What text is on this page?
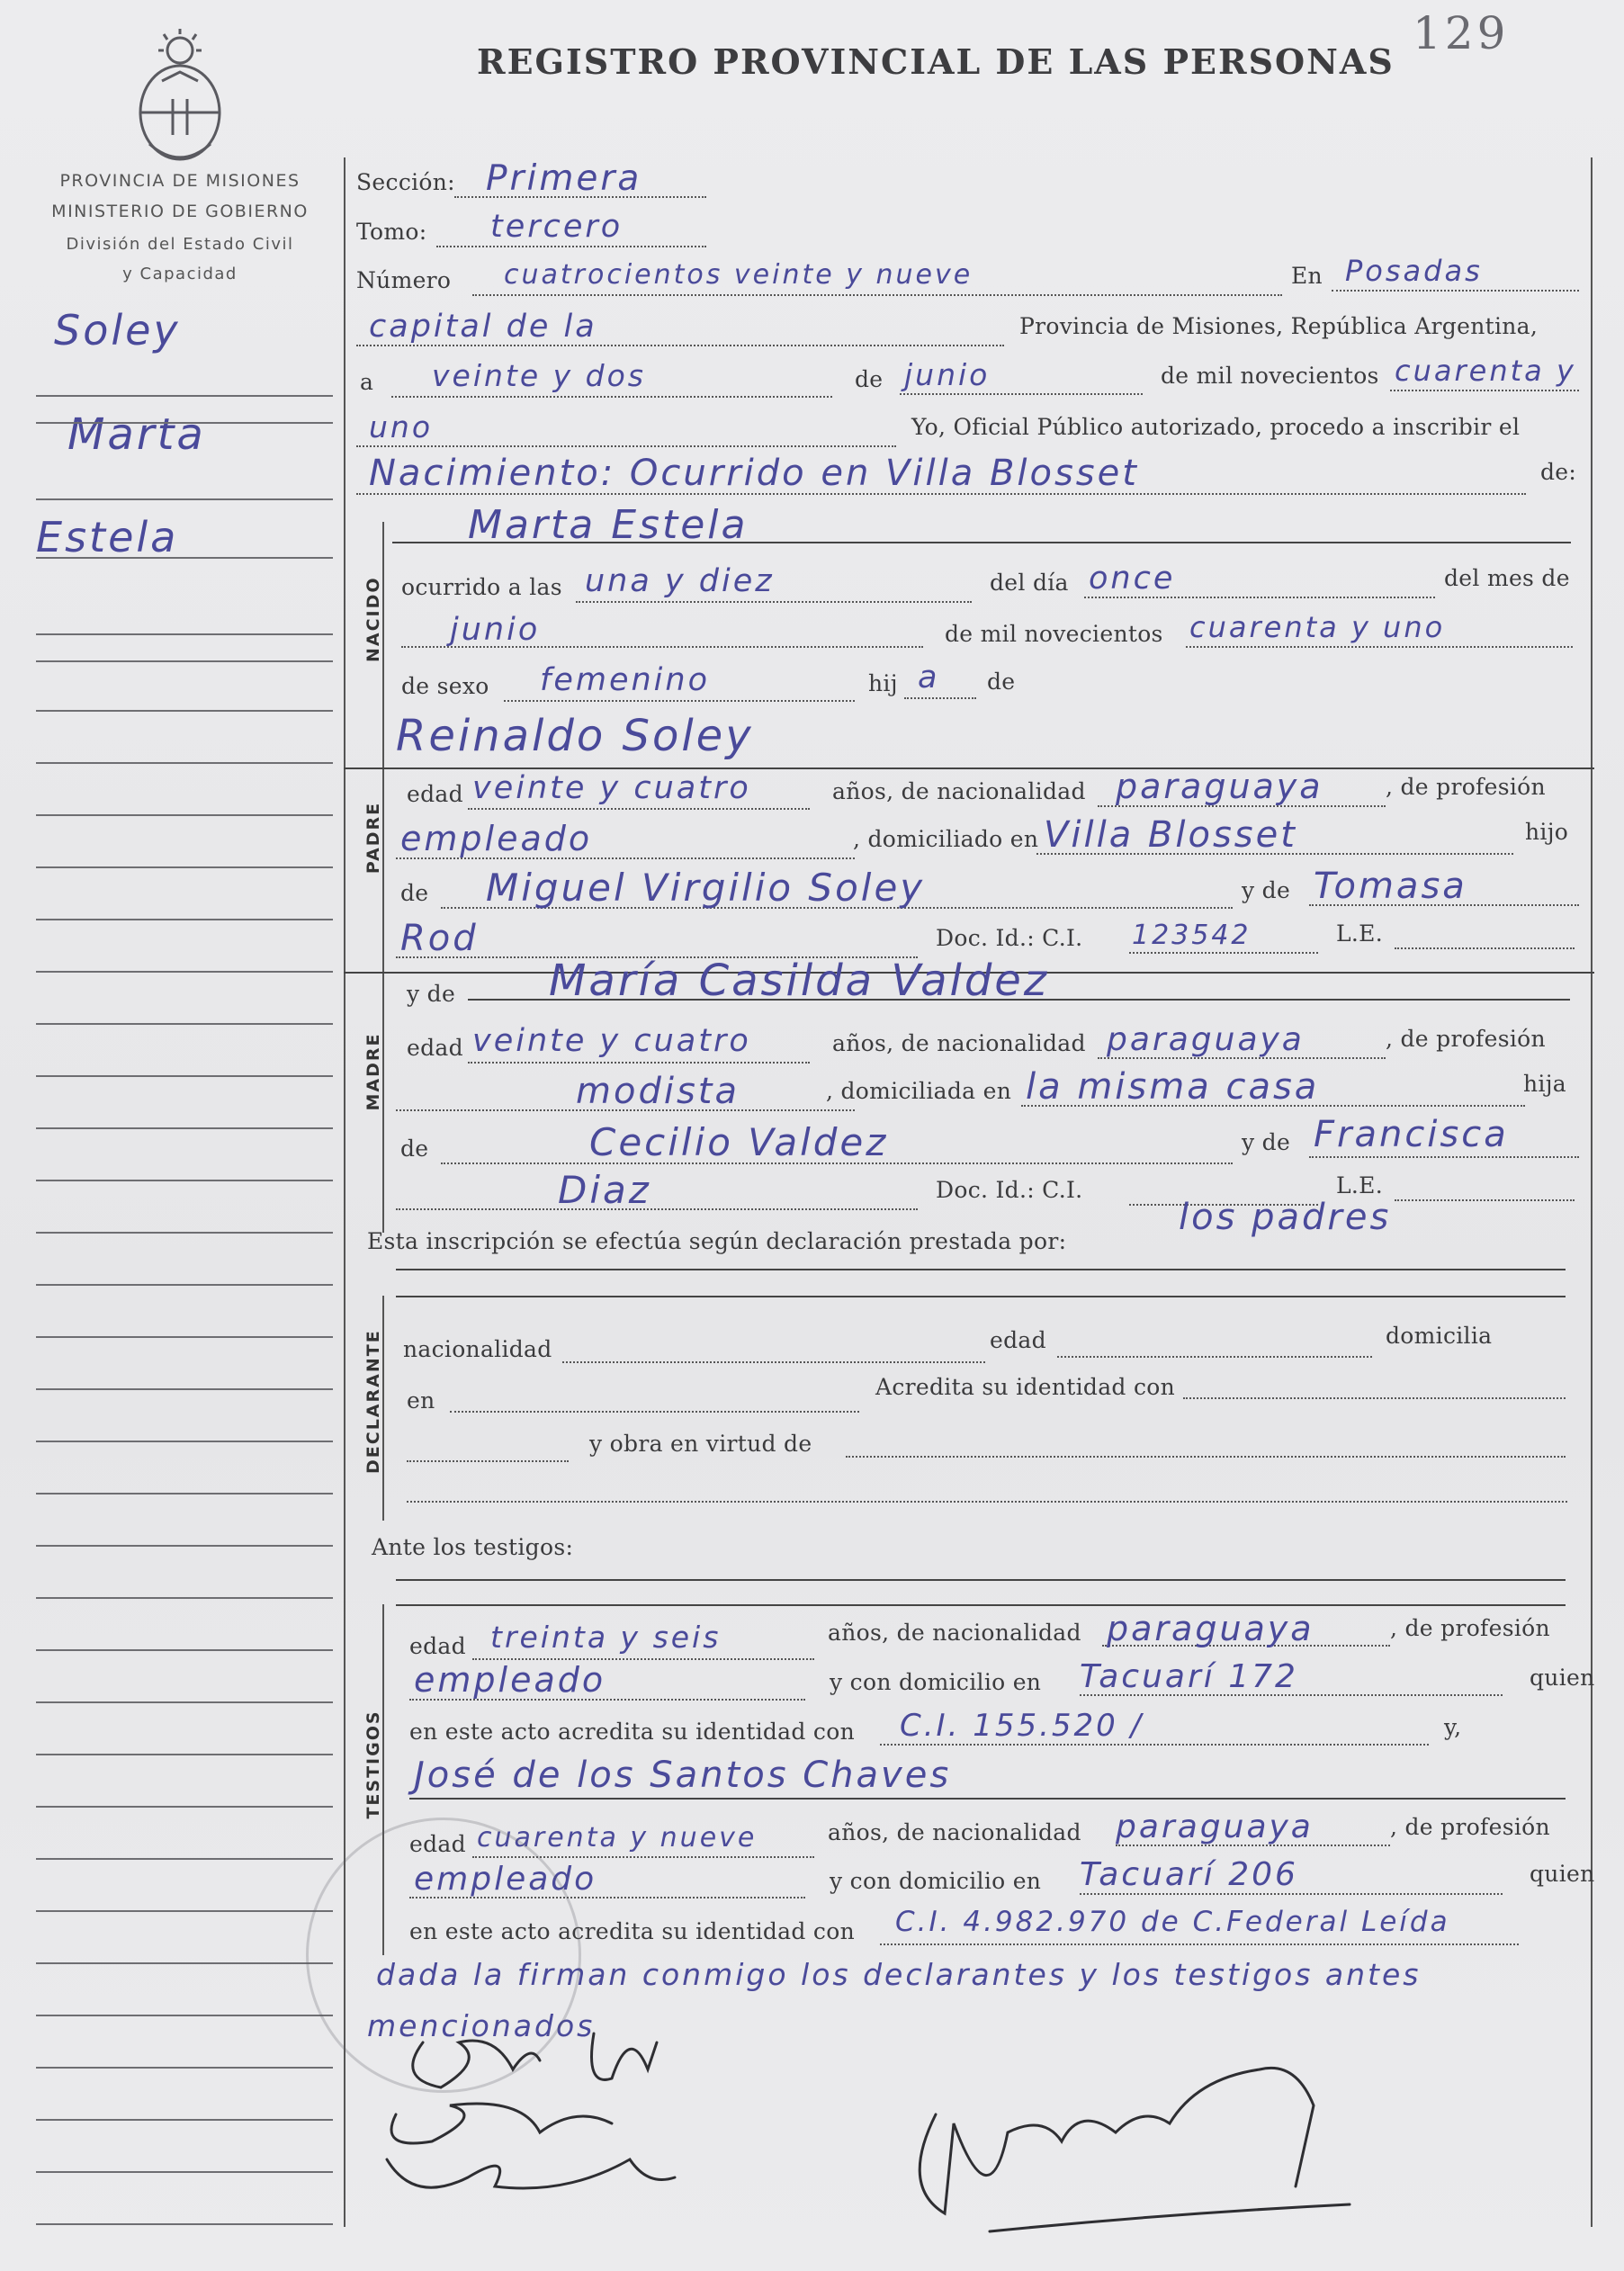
REGISTRO PROVINCIAL DE LAS PERSONAS
129
PROVINCIA DE MISIONES
MINISTERIO DE GOBIERNO
División del Estado Civil
y Capacidad
Soley
Marta
Estela
Sección: Primera
Tomo: tercero
Número cuatrocientos veinte y nueve	En Posadas
capital de la	Provincia de Misiones, República Argentina,
a veinte y dos	de junio	de mil novecientos cuarenta y
uno	Yo, Oficial Público autorizado, procedo a inscribir el
Nacimiento: Ocurrido en Villa Blosset	de:
NACIDO
Marta Estela
ocurrido a las una y diez	del día once	del mes de
junio	de mil novecientos cuarenta y uno
de sexo femenino	hij a de
PADRE
Reinaldo Soley
edad veinte y cuatro	años, de nacionalidad paraguaya	, de profesión
empleado	, domiciliado en Villa Blosset	hijo
de Miguel Virgilio Soley	y de Tomasa
Rod	Doc. Id.: C.I. 123542	L.E.
y de María Casilda Valdez
MADRE edad veinte y cuatro	años, de nacionalidad paraguaya	, de profesión
modista	, domiciliada en la misma casa	hija
de	Cecilio Valdez	y de Francisca
Diaz	Doc. Id.: C.I.	L.E.
Esta inscripción se efectúa según declaración prestada por:
los padres
DECLARANTE nacionalidad	edad	domicilia
en
Acredita su identidad con
y obra en virtud de
Ante los testigos:
TESTIGOS
edad treinta y seis	años, de nacionalidad paraguaya	, de profesión
empleado	y con domicilio en Tacuarí 172	quien
en este acto acredita su identidad con C.I. 155.520 /	y,
José de los Santos Chaves
edad cuarenta y nueve	años, de nacionalidad paraguaya	, de profesión
empleado	y con domicilio en Tacuarí 206	quien
en este acto acredita su identidad con C.I. 4.982.970 de C.Federal Leída
dada la firman conmigo los declarantes y los testigos antes
mencionados
